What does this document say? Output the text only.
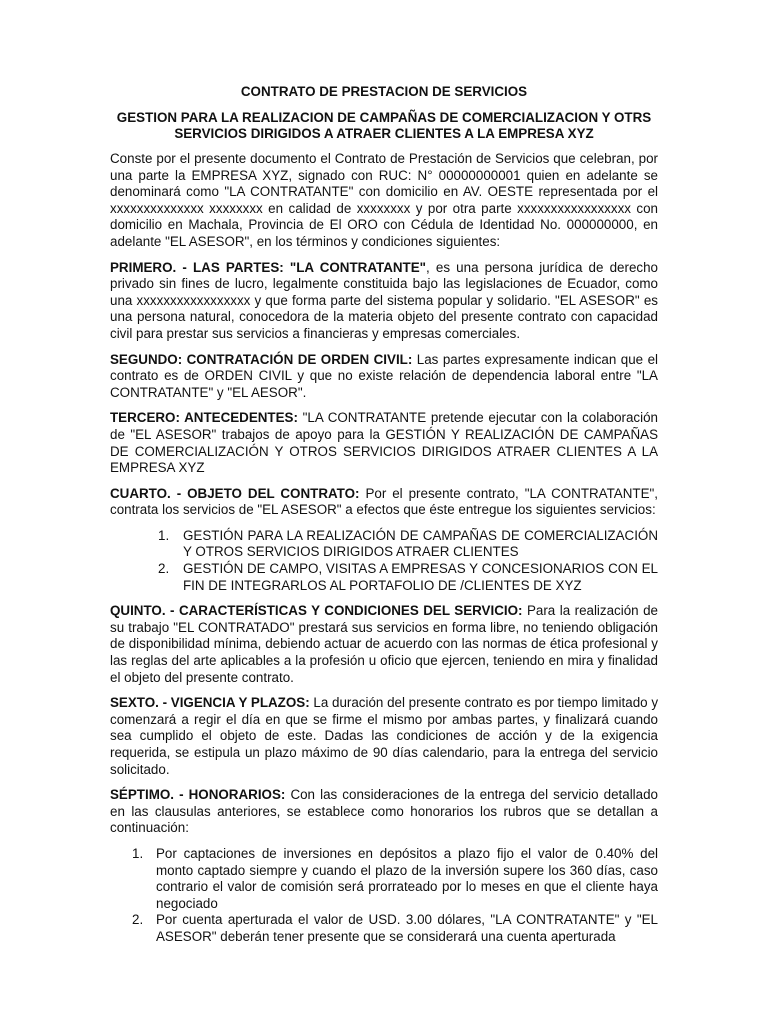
CONTRATO DE PRESTACION DE SERVICIOS
GESTION PARA LA REALIZACION DE CAMPAÑAS DE COMERCIALIZACION Y OTRS
SERVICIOS DIRIGIDOS A ATRAER CLIENTES A LA EMPRESA XYZ

Conste por el presente documento el Contrato de Prestación de Servicios que celebran, por una parte la EMPRESA XYZ, signado con RUC: N° 00000000001 quien en adelante se denominará como "LA CONTRATANTE" con domicilio en AV. OESTE representada por el xxxxxxxxxxxxxx xxxxxxxx en calidad de xxxxxxxx y por otra parte xxxxxxxxxxxxxxxxx con domicilio en Machala, Provincia de El ORO con Cédula de Identidad No. 000000000, en adelante "EL ASESOR", en los términos y condiciones siguientes:

PRIMERO. - LAS PARTES: "LA CONTRATANTE", es una persona jurídica de derecho privado sin fines de lucro, legalmente constituida bajo las legislaciones de Ecuador, como una xxxxxxxxxxxxxxxxx y que forma parte del sistema popular y solidario. "EL ASESOR" es una persona natural, conocedora de la materia objeto del presente contrato con capacidad civil para prestar sus servicios a financieras y empresas comerciales.

SEGUNDO: CONTRATACIÓN DE ORDEN CIVIL: Las partes expresamente indican que el contrato es de ORDEN CIVIL y que no existe relación de dependencia laboral entre "LA CONTRATANTE" y "EL AESOR".

TERCERO: ANTECEDENTES: "LA CONTRATANTE pretende ejecutar con la colaboración de "EL ASESOR" trabajos de apoyo para la GESTIÓN Y REALIZACIÓN DE CAMPAÑAS DE COMERCIALIZACIÓN Y OTROS SERVICIOS DIRIGIDOS ATRAER CLIENTES A LA EMPRESA XYZ

CUARTO. - OBJETO DEL CONTRATO: Por el presente contrato, "LA CONTRATANTE", contrata los servicios de "EL ASESOR" a efectos que éste entregue los siguientes servicios:

1. GESTIÓN PARA LA REALIZACIÓN DE CAMPAÑAS DE COMERCIALIZACIÓN Y OTROS SERVICIOS DIRIGIDOS ATRAER CLIENTES
2. GESTIÓN DE CAMPO, VISITAS A EMPRESAS Y CONCESIONARIOS CON EL FIN DE INTEGRARLOS AL PORTAFOLIO DE /CLIENTES DE XYZ

QUINTO. - CARACTERÍSTICAS Y CONDICIONES DEL SERVICIO: Para la realización de su trabajo "EL CONTRATADO" prestará sus servicios en forma libre, no teniendo obligación de disponibilidad mínima, debiendo actuar de acuerdo con las normas de ética profesional y las reglas del arte aplicables a la profesión u oficio que ejercen, teniendo en mira y finalidad el objeto del presente contrato.

SEXTO. - VIGENCIA Y PLAZOS: La duración del presente contrato es por tiempo limitado y comenzará a regir el día en que se firme el mismo por ambas partes, y finalizará cuando sea cumplido el objeto de este. Dadas las condiciones de acción y de la exigencia requerida, se estipula un plazo máximo de 90 días calendario, para la entrega del servicio solicitado.

SÉPTIMO. - HONORARIOS: Con las consideraciones de la entrega del servicio detallado en las clausulas anteriores, se establece como honorarios los rubros que se detallan a continuación:

1. Por captaciones de inversiones en depósitos a plazo fijo el valor de 0.40% del monto captado siempre y cuando el plazo de la inversión supere los 360 días, caso contrario el valor de comisión será prorrateado por lo meses en que el cliente haya negociado
2. Por cuenta aperturada el valor de USD. 3.00 dólares, "LA CONTRATANTE" y "EL ASESOR" deberán tener presente que se considerará una cuenta aperturada
